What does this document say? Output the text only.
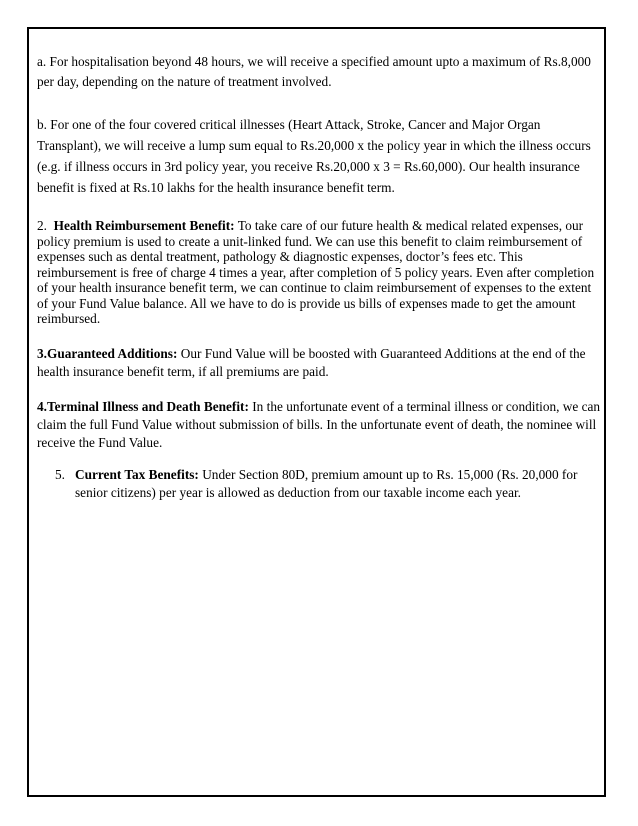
a. For hospitalisation beyond 48 hours, we will receive a specified amount upto a maximum of Rs.8,000 per day, depending on the nature of treatment involved.

b. For one of the four covered critical illnesses (Heart Attack, Stroke, Cancer and Major Organ Transplant), we will receive a lump sum equal to Rs.20,000 x the policy year in which the illness occurs (e.g. if illness occurs in 3rd policy year, you receive Rs.20,000 x 3 = Rs.60,000). Our health insurance benefit is fixed at Rs.10 lakhs for the health insurance benefit term.

2. Health Reimbursement Benefit: To take care of our future health & medical related expenses, our policy premium is used to create a unit-linked fund. We can use this benefit to claim reimbursement of expenses such as dental treatment, pathology & diagnostic expenses, doctor’s fees etc. This reimbursement is free of charge 4 times a year, after completion of 5 policy years. Even after completion of your health insurance benefit term, we can continue to claim reimbursement of expenses to the extent of your Fund Value balance. All we have to do is provide us bills of expenses made to get the amount reimbursed.

3.Guaranteed Additions: Our Fund Value will be boosted with Guaranteed Additions at the end of the health insurance benefit term, if all premiums are paid.

4.Terminal Illness and Death Benefit: In the unfortunate event of a terminal illness or condition, we can claim the full Fund Value without submission of bills. In the unfortunate event of death, the nominee will receive the Fund Value.

5. Current Tax Benefits: Under Section 80D, premium amount up to Rs. 15,000 (Rs. 20,000 for senior citizens) per year is allowed as deduction from our taxable income each year.
